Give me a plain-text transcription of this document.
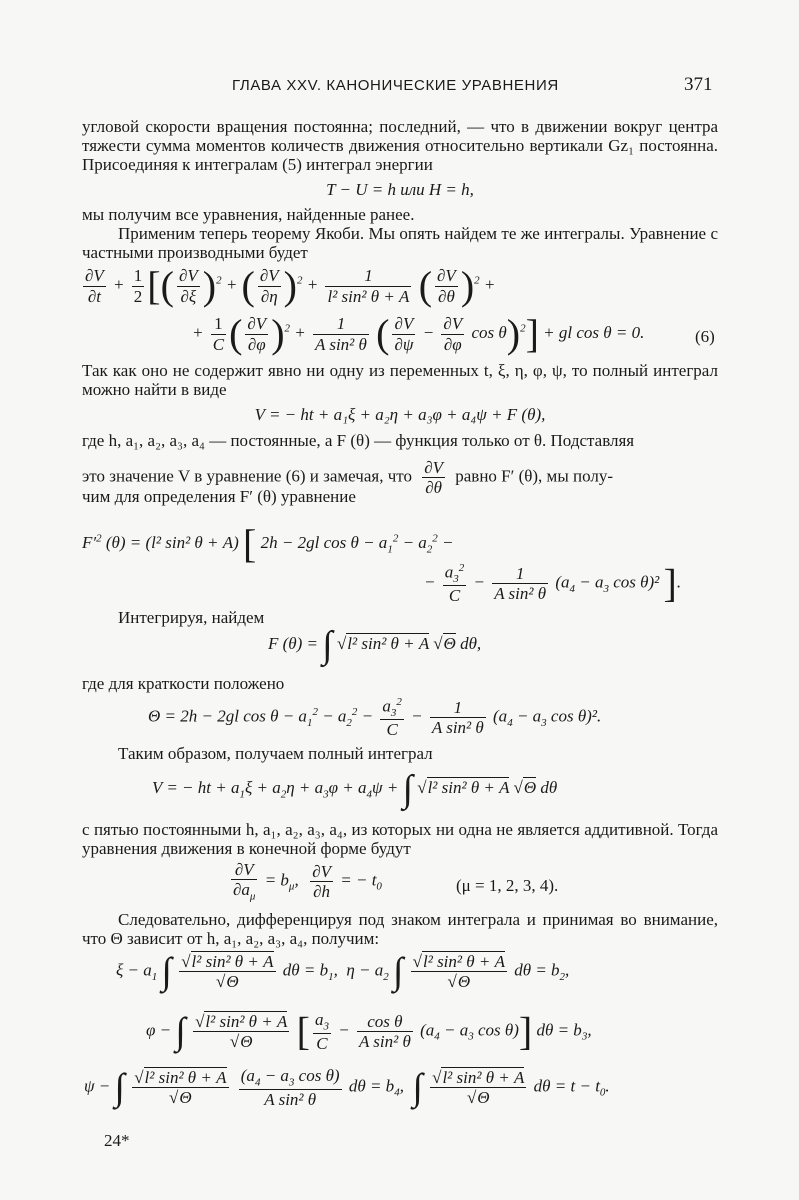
ГЛАВА XXV. КАНОНИЧЕСКИЕ УРАВНЕНИЯ	371
угловой скорости вращения постоянна; последний, — что в движении вокруг центра тяжести сумма моментов количеств движения относительно вертикали Gz₁ постоянна. Присоединяя к интегралам (5) интеграл энергии
T − U = h или H = h,
мы получим все уравнения, найденные ранее.
Применим теперь теорему Якоби. Мы опять найдем те же интегралы. Уравнение с частными производными будет
$\frac{\partial V}{\partial t} + \frac{1}{2}$ [( $\frac{\partial V}{\partial\xi} )^2$ + ( $\frac{\partial V}{\partial\eta} )^2 + \frac{1}{\text{l² sin² θ + A}}$ ( $\frac{\partial V}{\partial\theta} )^2$ +
+ $\frac{1}{C}$ ( $\frac{\partial V}{\partial\varphi} )^2 + \frac{1}{\text{A sin² θ}}$ ( $\frac{\partial V}{\partial\psi} - \frac{\partial V}{\partial\varphi}$ cos θ)$^2$] + gl cos θ = 0.	(6)
Так как оно не содержит явно ни одну из переменных t, ξ, η, φ, ψ, то полный интеграл можно найти в виде
V = − ht + a₁ξ + a₂η + a₃φ + a₄ψ + F (θ),
где h, a₁, a₂, a₃, a₄ — постоянные, а F (θ) — функция только от θ. Подставляя
это значение V в уравнение (6) и замечая, что $\frac{\partial V}{\partial\theta}$ равно F′ (θ), мы полу-
чим для определения F′ (θ) уравнение
$F'^2$ (θ) = (l² sin² θ + A) [ 2h − 2gl $\cos \theta - a_1^2 - a_2^2$ −
− $\frac{a_3^2}{C} - \frac{1}{\text{A sin² θ}} (a_4 - a_3$ cos θ)² ].
Интегрируя, найдем
F (θ) = ∫ √l² sin² θ + A √Θ dθ,
где для краткости положено
Θ = 2h − 2gl $\cos \theta - a_1^2 - a_2^2 - \frac{a_3^2}{C} - \frac{1}{\text{A sin² θ}} (a_4 - a_3$ cos θ)².
Таким образом, получаем полный интеграл
V = − ht + $a_1\xi + a_2\eta + a_3\varphi + a_4\psi$ + ∫ √l² sin² θ + A √Θ dθ
с пятью постоянными h, a₁, a₂, a₃, a₄, из которых ни одна не является аддитивной. Тогда уравнения движения в конечной форме будут
$\frac{\partial V}{\partial a_\mu} = b_\mu$, $\frac{\partial V}{\partial h}$ = − $t_0$	(μ = 1, 2, 3, 4).
Следовательно, дифференцируя под знаком интеграла и принимая во внимание, что Θ зависит от h, a₁, a₂, a₃, a₄, получим:
$\xi - a_1$ ∫ $\frac{\text{√l² sin² θ + A}}{√\Theta}$ $d\theta = b_1$,  $\eta - a_2$ ∫ $\frac{\text{√l² sin² θ + A}}{√\Theta}$ $d\theta = b_2$,
φ − ∫ $\frac{\text{√l² sin² θ + A}}{√\Theta}$ [ $\frac{a_3}{C} - \frac{\text{cos θ}}{\text{A sin² θ}} (a_4 - a_3$ cos θ)] $d\theta = b_3$,
ψ − ∫ $\frac{\text{√l² sin² θ + A}}{√\Theta}$
$\frac{(a_4 - a_3 \cos \theta)}{\text{A sin² θ}}$ $d\theta = b_4$,  ∫ $\frac{\text{√l² sin² θ + A}}{√\Theta}$ $d\theta = t - t_0$.
24*
